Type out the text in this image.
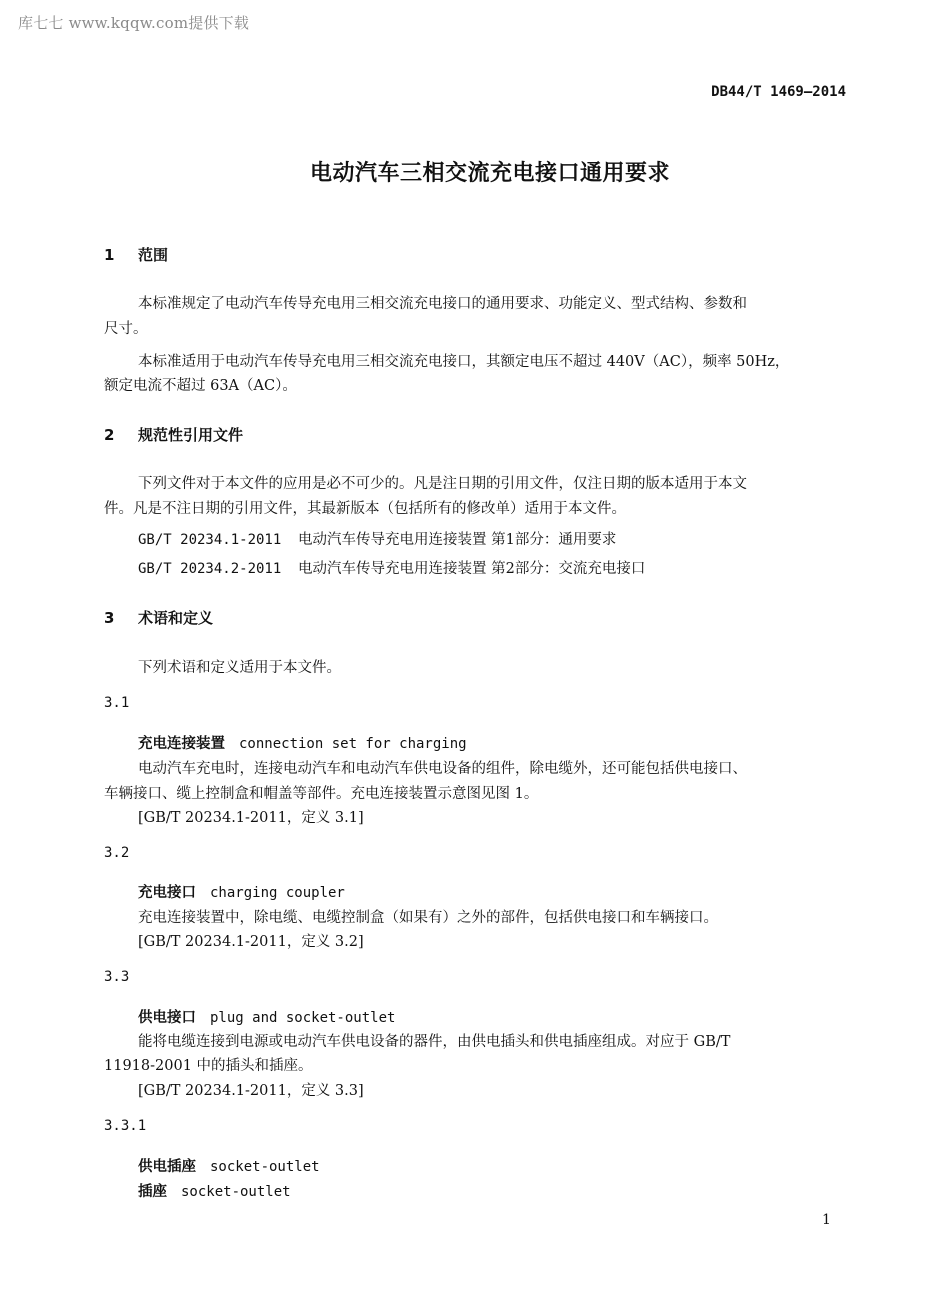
库七七 www.kqqw.com提供下载
DB44/T 1469—2014
电动汽车三相交流充电接口通用要求
1 范围
本标准规定了电动汽车传导充电用三相交流充电接口的通用要求、功能定义、型式结构、参数和
尺寸。
本标准适用于电动汽车传导充电用三相交流充电接口，其额定电压不超过 440V（AC），频率 50Hz，
额定电流不超过 63A（AC）。
2 规范性引用文件
下列文件对于本文件的应用是必不可少的。凡是注日期的引用文件，仅注日期的版本适用于本文
件。凡是不注日期的引用文件，其最新版本（包括所有的修改单）适用于本文件。
GB/T 20234.1-2011 电动汽车传导充电用连接装置 第1部分：通用要求
GB/T 20234.2-2011 电动汽车传导充电用连接装置 第2部分：交流充电接口
3 术语和定义
下列术语和定义适用于本文件。
3.1
充电连接装置 connection set for charging
电动汽车充电时，连接电动汽车和电动汽车供电设备的组件，除电缆外，还可能包括供电接口、
车辆接口、缆上控制盒和帽盖等部件。充电连接装置示意图见图 1。
[GB/T 20234.1-2011，定义 3.1]
3.2
充电接口 charging coupler
充电连接装置中，除电缆、电缆控制盒（如果有）之外的部件，包括供电接口和车辆接口。
[GB/T 20234.1-2011，定义 3.2]
3.3
供电接口 plug and socket-outlet
能将电缆连接到电源或电动汽车供电设备的器件，由供电插头和供电插座组成。对应于 GB/T
11918-2001 中的插头和插座。
[GB/T 20234.1-2011，定义 3.3]
3.3.1
供电插座 socket-outlet
插座 socket-outlet
1
